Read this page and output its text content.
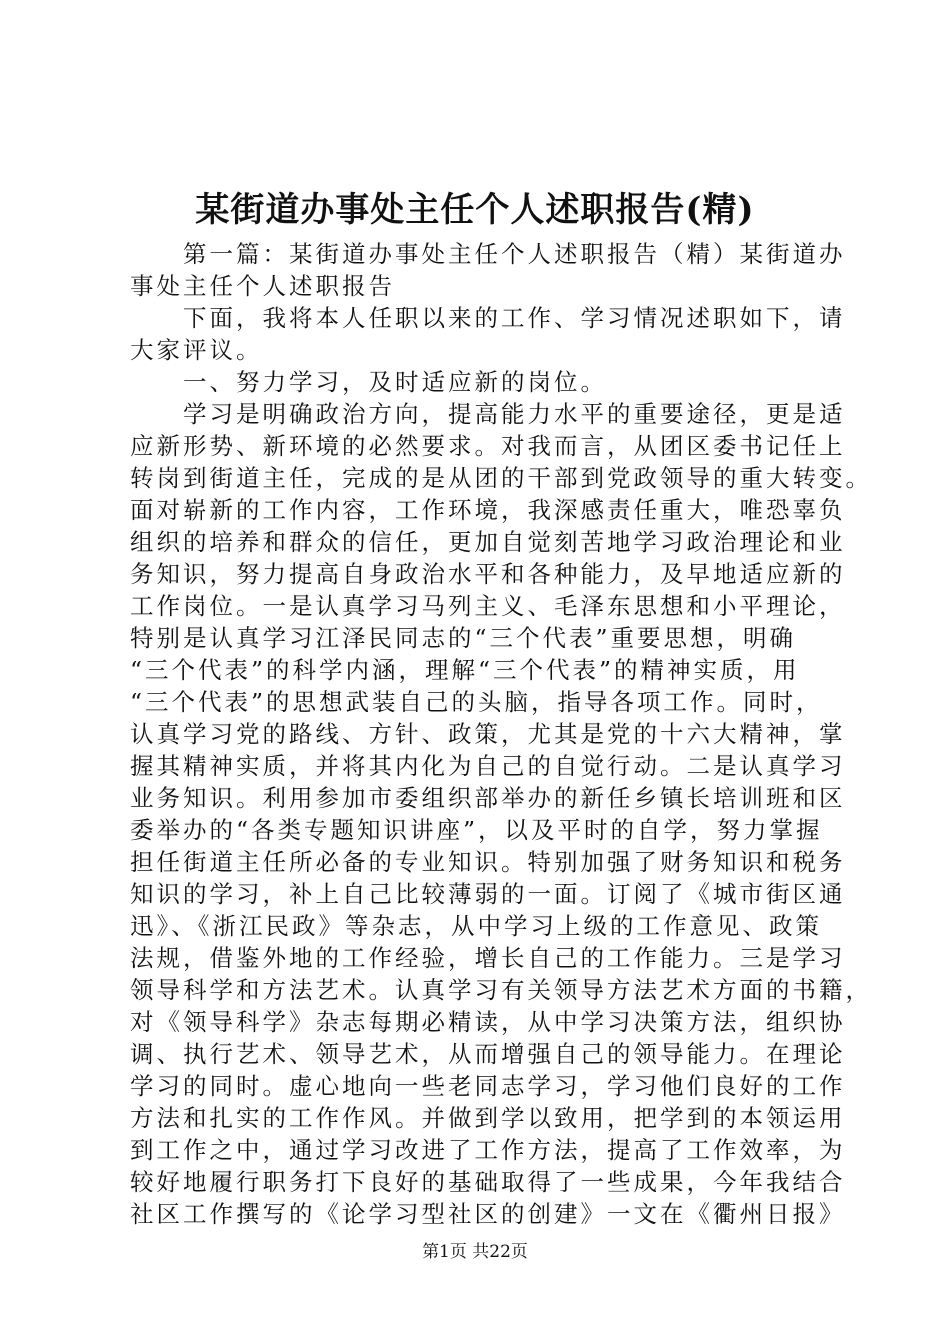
某街道办事处主任个人述职报告(精)
　　第一篇：某街道办事处主任个人述职报告（精）某街道办
事处主任个人述职报告
　　下面，我将本人任职以来的工作、学习情况述职如下，请
大家评议。
　　一、努力学习，及时适应新的岗位。
　　学习是明确政治方向，提高能力水平的重要途径，更是适
应新形势、新环境的必然要求。对我而言，从团区委书记任上
转岗到街道主任，完成的是从团的干部到党政领导的重大转变。
面对崭新的工作内容，工作环境，我深感责任重大，唯恐辜负
组织的培养和群众的信任，更加自觉刻苦地学习政治理论和业
务知识，努力提高自身政治水平和各种能力，及早地适应新的
工作岗位。一是认真学习马列主义、毛泽东思想和小平理论，
特别是认真学习江泽民同志的“三个代表”重要思想，明确
“三个代表”的科学内涵，理解“三个代表”的精神实质，用
“三个代表”的思想武装自己的头脑，指导各项工作。同时，
认真学习党的路线、方针、政策，尤其是党的十六大精神，掌
握其精神实质，并将其内化为自己的自觉行动。二是认真学习
业务知识。利用参加市委组织部举办的新任乡镇长培训班和区
委举办的“各类专题知识讲座”，以及平时的自学，努力掌握
担任街道主任所必备的专业知识。特别加强了财务知识和税务
知识的学习，补上自己比较薄弱的一面。订阅了《城市街区通
迅》、《浙江民政》等杂志，从中学习上级的工作意见、政策
法规，借鉴外地的工作经验，增长自己的工作能力。三是学习
领导科学和方法艺术。认真学习有关领导方法艺术方面的书籍，
对《领导科学》杂志每期必精读，从中学习决策方法，组织协
调、执行艺术、领导艺术，从而增强自己的领导能力。在理论
学习的同时。虚心地向一些老同志学习，学习他们良好的工作
方法和扎实的工作作风。并做到学以致用，把学到的本领运用
到工作之中，通过学习改进了工作方法，提高了工作效率，为
较好地履行职务打下良好的基础取得了一些成果，今年我结合
社区工作撰写的《论学习型社区的创建》一文在《衢州日报》
第1页 共22页
